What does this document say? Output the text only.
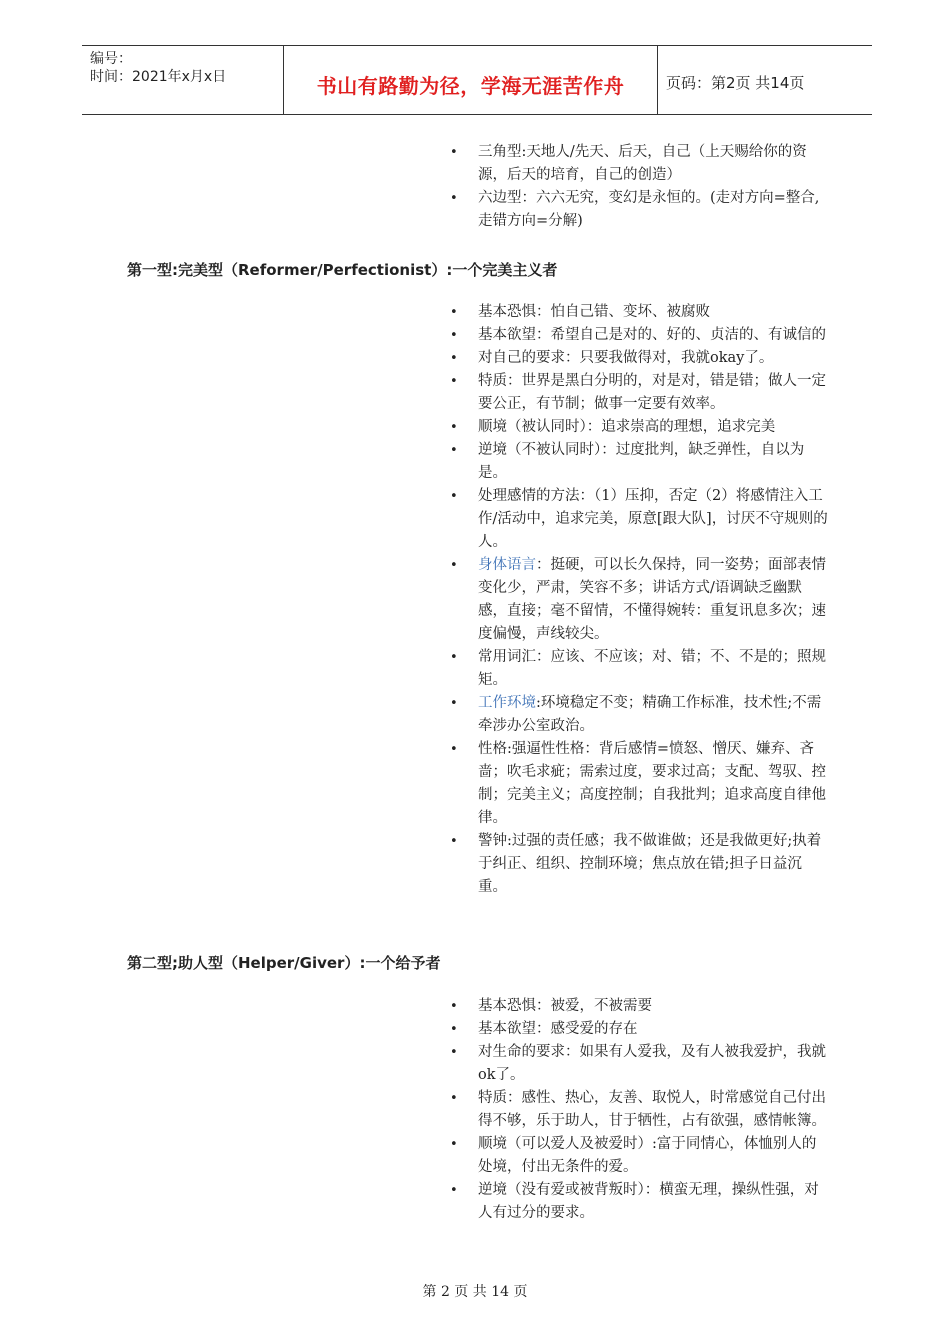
编号：
时间：2021年x月x日	书山有路勤为径，学海无涯苦作舟	页码：第2页 共14页
• 三角型:天地人/先天、后天，自己（上天赐给你的资源，后天的培育，自己的创造）
• 六边型：六六无究，变幻是永恒的。(走对方向=整合,走错方向=分解)
第一型:完美型（Reformer/Perfectionist）:一个完美主义者
• 基本恐惧：怕自己错、变坏、被腐败
• 基本欲望：希望自己是对的、好的、贞洁的、有诚信的
• 对自己的要求：只要我做得对，我就okay了。
• 特质：世界是黑白分明的，对是对，错是错；做人一定要公正，有节制；做事一定要有效率。
• 顺境（被认同时）：追求崇高的理想，追求完美
• 逆境（不被认同时）：过度批判，缺乏弹性，自以为是。
• 处理感情的方法：（1）压抑，否定（2）将感情注入工作/活动中，追求完美，原意[跟大队]，讨厌不守规则的人。
• 身体语言：挺硬，可以长久保持，同一姿势；面部表情变化少，严肃，笑容不多；讲话方式/语调缺乏幽默感，直接；毫不留情，不懂得婉转：重复讯息多次；速度偏慢，声线较尖。
• 常用词汇：应该、不应该；对、错；不、不是的；照规矩。
• 工作环境:环境稳定不变；精确工作标准，技术性;不需牵涉办公室政治。
• 性格:强逼性性格：背后感情=愤怒、憎厌、嫌弃、吝啬；吹毛求疵；需索过度，要求过高；支配、驾驭、控制；完美主义；高度控制；自我批判；追求高度自律他律。
• 警钟:过强的责任感；我不做谁做；还是我做更好;执着于纠正、组织、控制环境；焦点放在错;担子日益沉重。
第二型;助人型（Helper/Giver）:一个给予者
• 基本恐惧：被爱，不被需要
• 基本欲望：感受爱的存在
• 对生命的要求：如果有人爱我，及有人被我爱护，我就ok了。
• 特质：感性、热心，友善、取悦人，时常感觉自己付出得不够，乐于助人，甘于牺性，占有欲强，感情帐簿。
• 顺境（可以爱人及被爱时）:富于同情心，体恤别人的处境，付出无条件的爱。
• 逆境（没有爱或被背叛时）：横蛮无理，操纵性强，对人有过分的要求。
第 2 页 共 14 页
